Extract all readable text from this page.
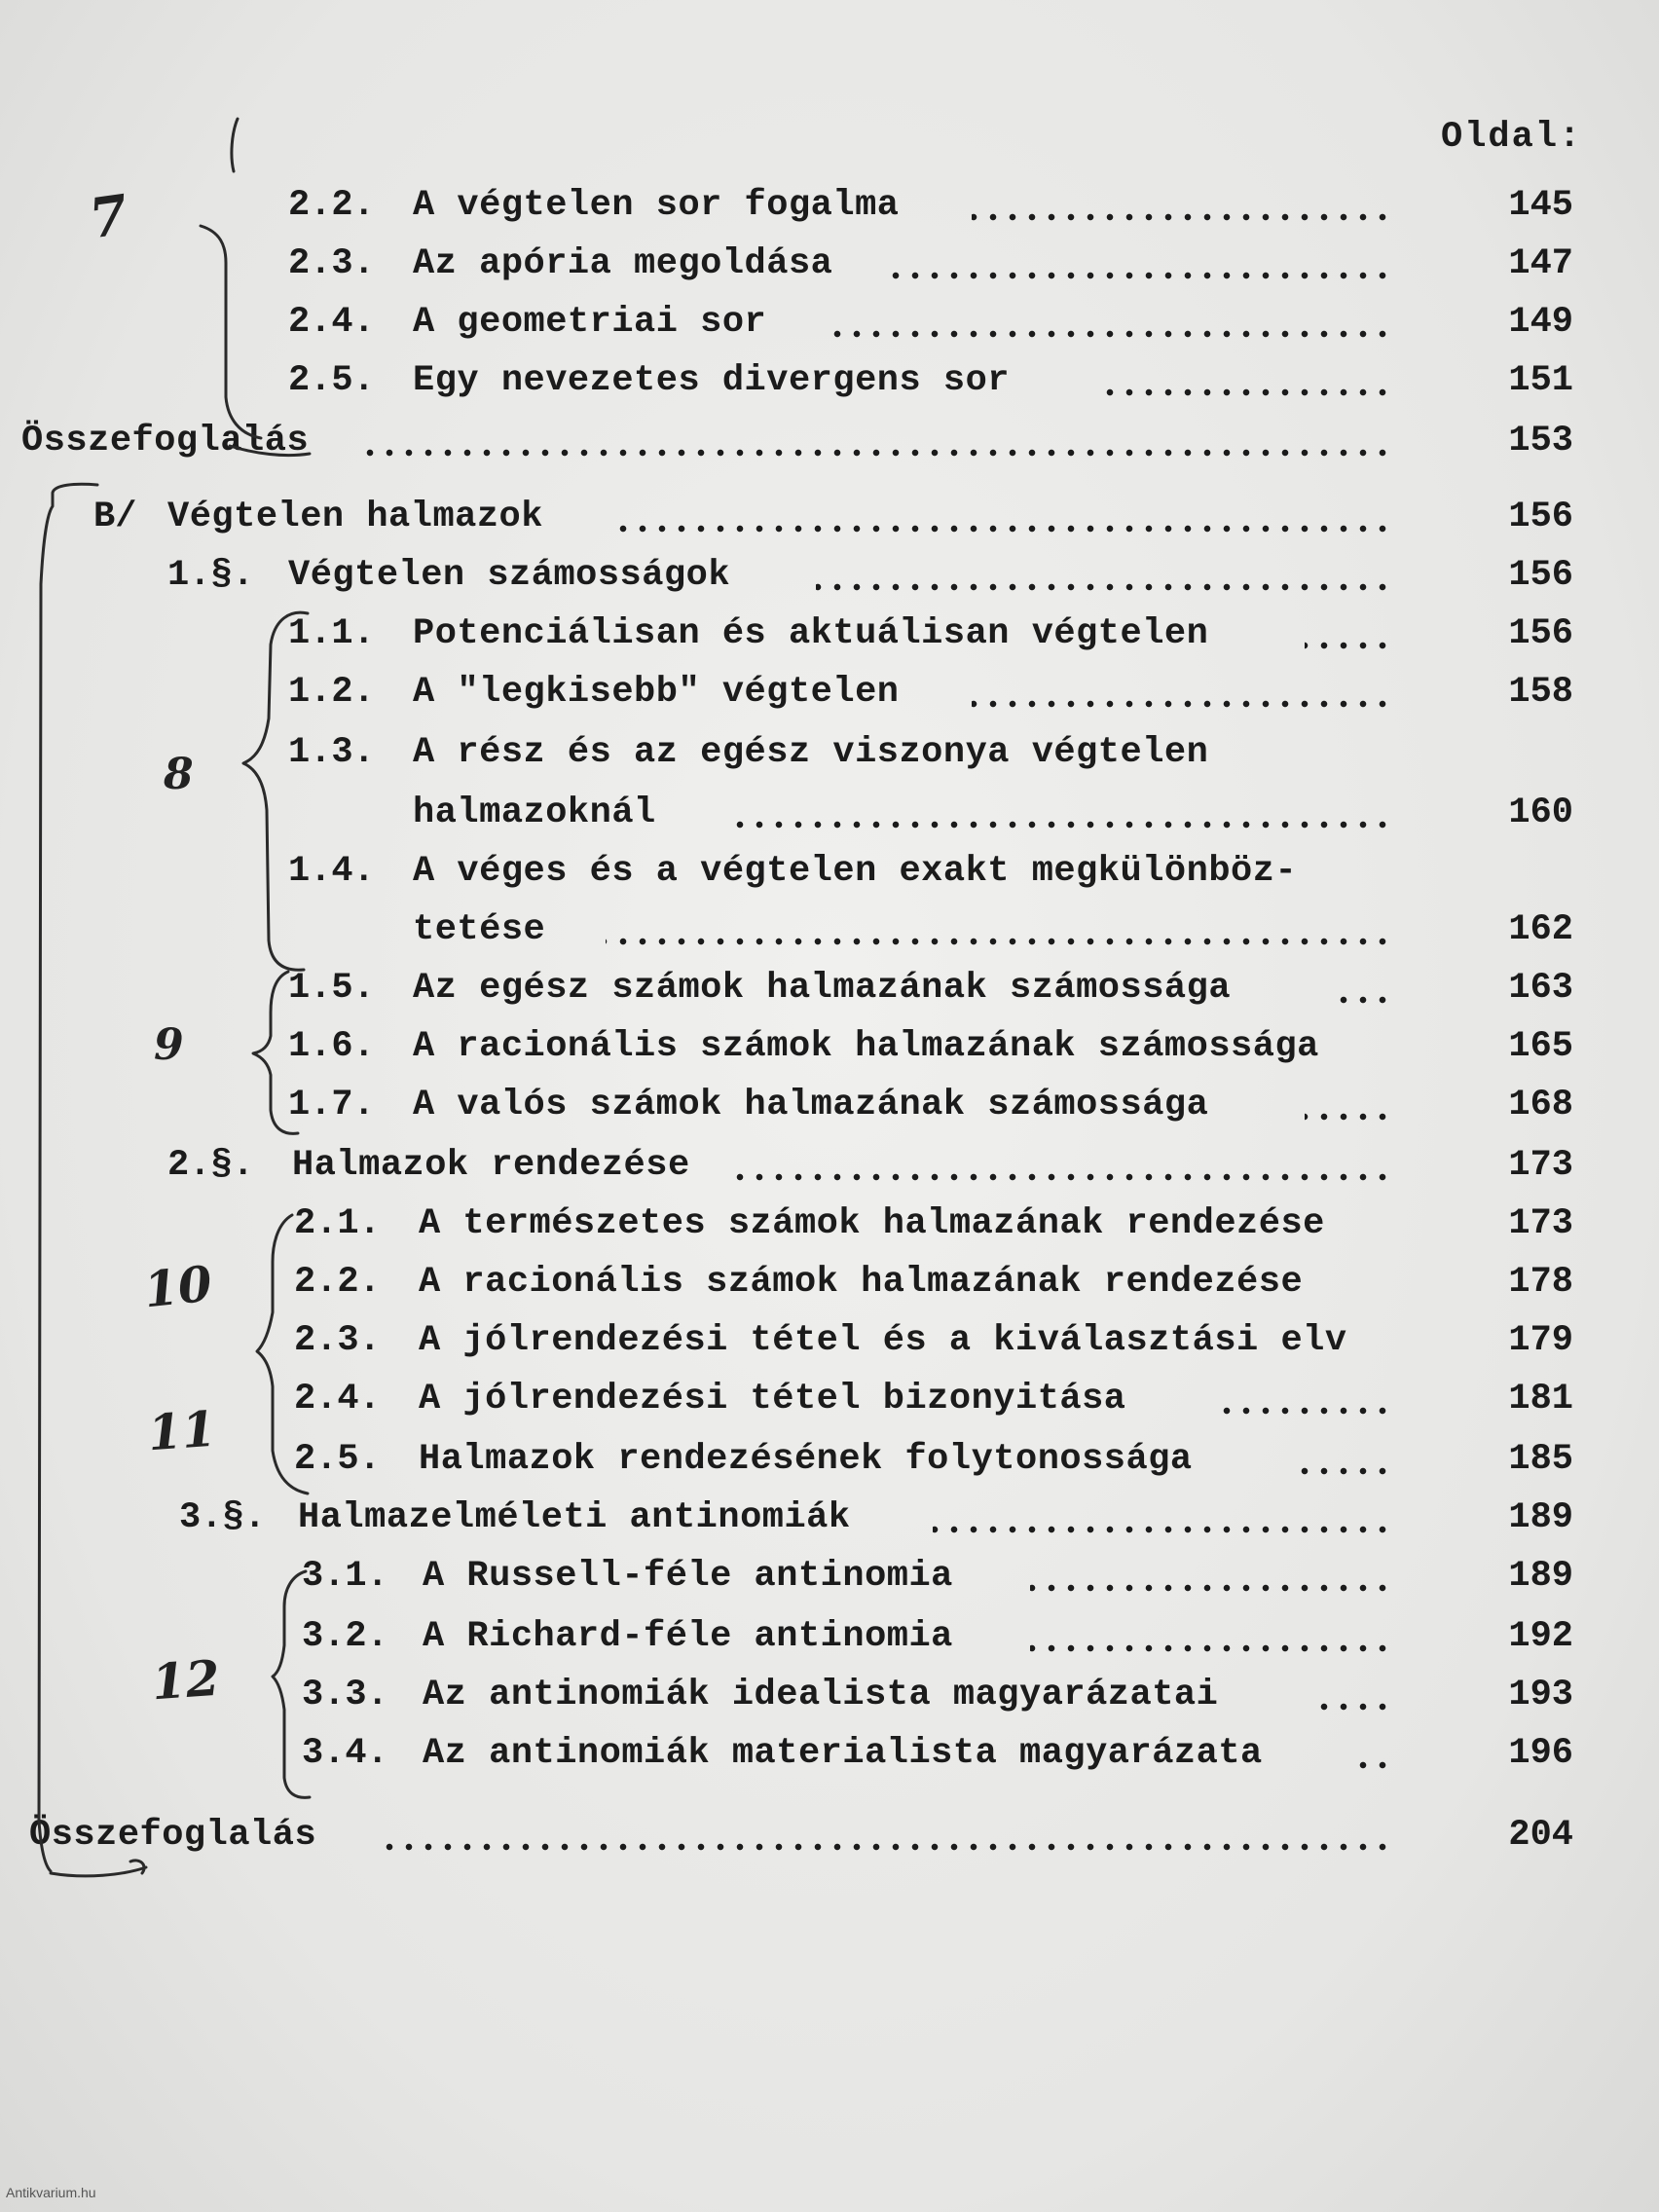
Oldal:
2.2. A végtelen sor fogalma	145
2.3. Az apória megoldása	147
2.4. A geometriai sor	149
2.5. Egy nevezetes divergens sor	151
Összefoglalás	153
B/ Végtelen halmazok	156
1.§. Végtelen számosságok	156
1.1. Potenciálisan és aktuálisan végtelen	156
1.2. A "legkisebb" végtelen	158
1.3. A rész és az egész viszonya végtelen
halmazoknál	160
1.4. A véges és a végtelen exakt megkülönböz-
tetése	162
1.5. Az egész számok halmazának számossága	163
1.6. A racionális számok halmazának számossága	165
1.7. A valós számok halmazának számossága	168
2.§. Halmazok rendezése	173
2.1. A természetes számok halmazának rendezése	173
2.2. A racionális számok halmazának rendezése	178
2.3. A jólrendezési tétel és a kiválasztási elv	179
2.4. A jólrendezési tétel bizonyitása	181
2.5. Halmazok rendezésének folytonossága	185
3.§. Halmazelméleti antinomiák	189
3.1. A Russell-féle antinomia	189
3.2. A Richard-féle antinomia	192
3.3. Az antinomiák idealista magyarázatai	193
3.4. Az antinomiák materialista magyarázata	196
Összefoglalás	204
7
8
9
10
11
12
Antikvarium.hu
